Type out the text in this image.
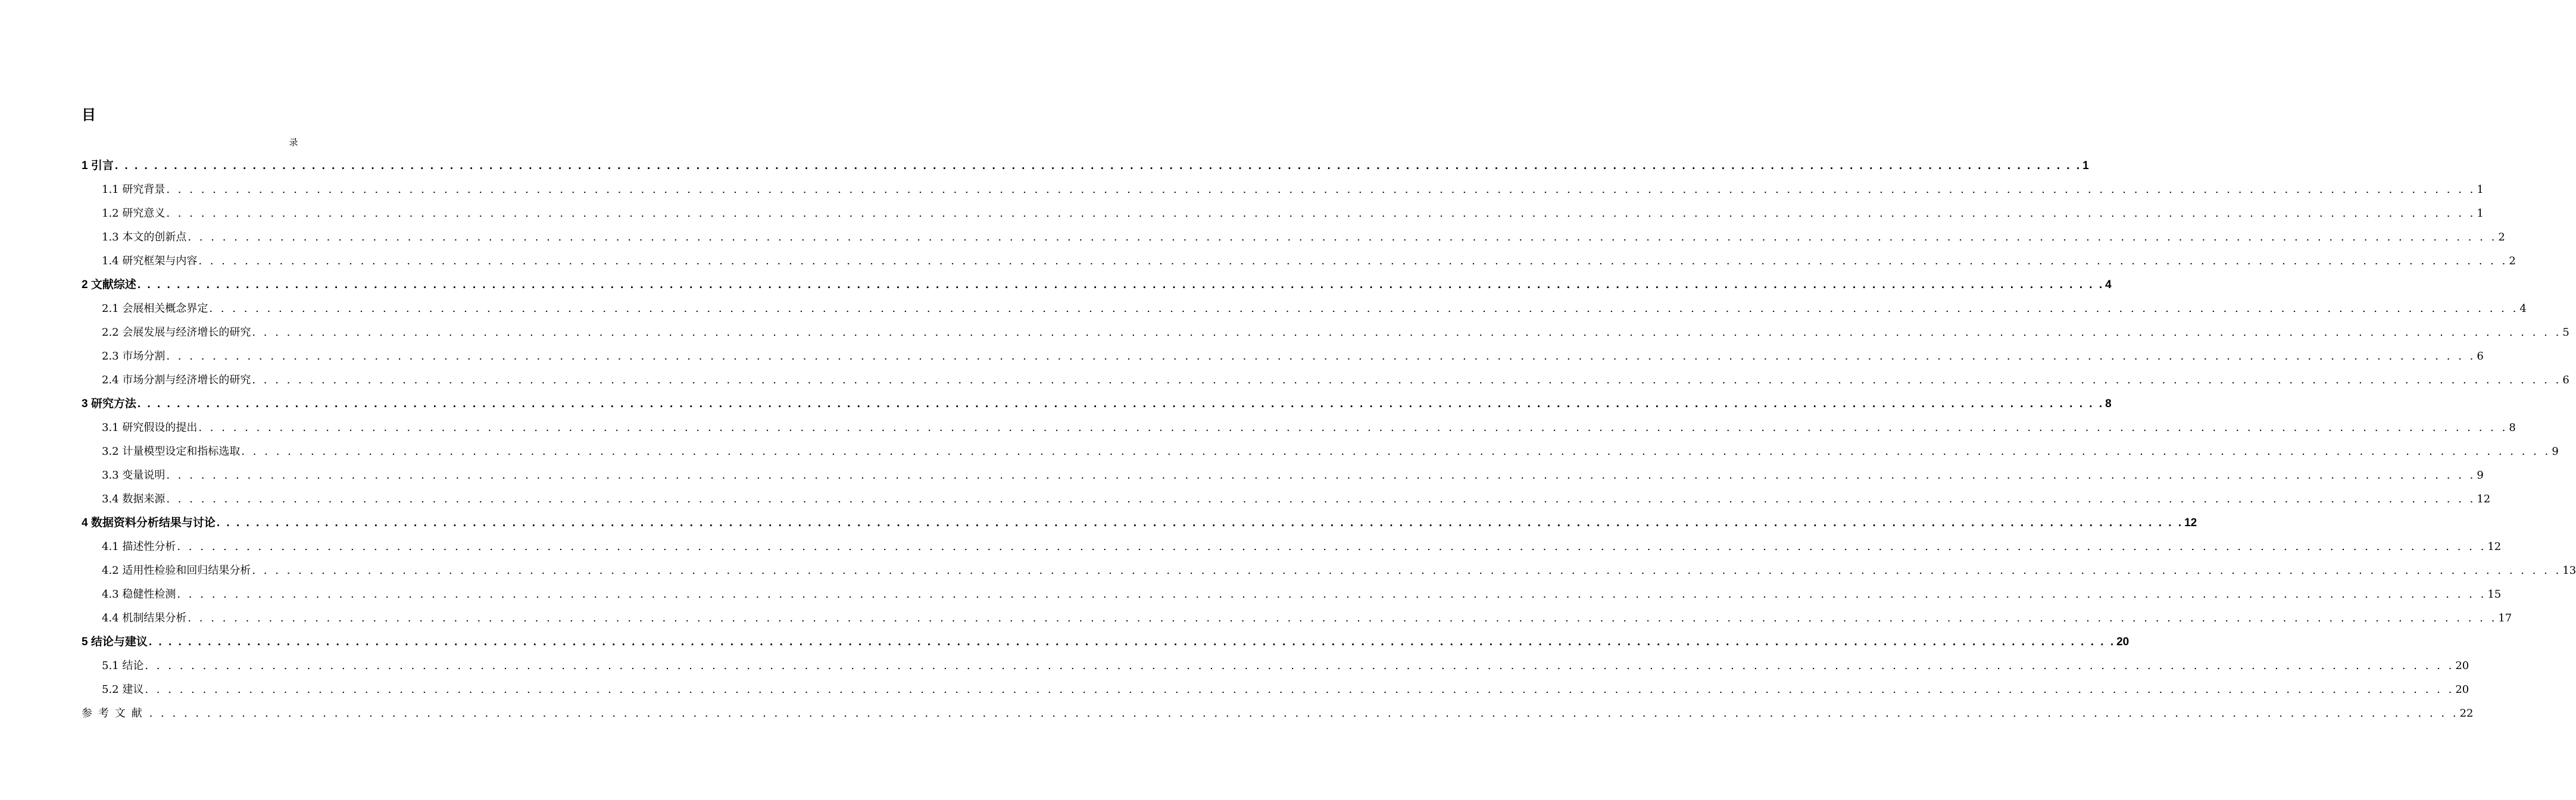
目
录
1 引言 . . . . . . . . . . . . . . . . . . . . . . . . . . . . . . . . . . . . . . . . . . . . . . . . . . . . . . . . . . . . . . . . . . . . . . . . . . . . . . . . . . . . . . . . . . . . . . . . . . . . . . . . . . . . . . . . . . . . . . . . . . . . . . . . . . . . . . . . . . . . . . . . . . . . . . . . . . . . . . . . . . . . . . . . . . . . . . . . . . . . . . . . . . . . . . . . . . . . . . . . 1
1.1 研究背景 . . . . . . . . . . . . . . . . . . . . . . . . . . . . . . . . . . . . . . . . . . . . . . . . . . . . . . . . . . . . . . . . . . . . . . . . . . . . . . . . . . . . . . . . . . . . . . . . . . . . . . . . . . . . . . . . . . . . . . . . . . . . . . . . . . . . . . . . . . . . . . . . . . . . . . . . . . . . . . . . . . . . . . . . . . . . . . . . . . . . . . . . . . . . . . . . . . . . . . . . 1
1.2 研究意义 . . . . . . . . . . . . . . . . . . . . . . . . . . . . . . . . . . . . . . . . . . . . . . . . . . . . . . . . . . . . . . . . . . . . . . . . . . . . . . . . . . . . . . . . . . . . . . . . . . . . . . . . . . . . . . . . . . . . . . . . . . . . . . . . . . . . . . . . . . . . . . . . . . . . . . . . . . . . . . . . . . . . . . . . . . . . . . . . . . . . . . . . . . . . . . . . . . . . . . . . 1
1.3 本文的创新点 . . . . . . . . . . . . . . . . . . . . . . . . . . . . . . . . . . . . . . . . . . . . . . . . . . . . . . . . . . . . . . . . . . . . . . . . . . . . . . . . . . . . . . . . . . . . . . . . . . . . . . . . . . . . . . . . . . . . . . . . . . . . . . . . . . . . . . . . . . . . . . . . . . . . . . . . . . . . . . . . . . . . . . . . . . . . . . . . . . . . . . . . . . . . . . . . . . . . . . . . 2
1.4 研究框架与内容 . . . . . . . . . . . . . . . . . . . . . . . . . . . . . . . . . . . . . . . . . . . . . . . . . . . . . . . . . . . . . . . . . . . . . . . . . . . . . . . . . . . . . . . . . . . . . . . . . . . . . . . . . . . . . . . . . . . . . . . . . . . . . . . . . . . . . . . . . . . . . . . . . . . . . . . . . . . . . . . . . . . . . . . . . . . . . . . . . . . . . . . . . . . . . . . . . . . . . . . . 2
2 文献综述 . . . . . . . . . . . . . . . . . . . . . . . . . . . . . . . . . . . . . . . . . . . . . . . . . . . . . . . . . . . . . . . . . . . . . . . . . . . . . . . . . . . . . . . . . . . . . . . . . . . . . . . . . . . . . . . . . . . . . . . . . . . . . . . . . . . . . . . . . . . . . . . . . . . . . . . . . . . . . . . . . . . . . . . . . . . . . . . . . . . . . . . . . . . . . . . . . . . . . . . . 4
2.1 会展相关概念界定 . . . . . . . . . . . . . . . . . . . . . . . . . . . . . . . . . . . . . . . . . . . . . . . . . . . . . . . . . . . . . . . . . . . . . . . . . . . . . . . . . . . . . . . . . . . . . . . . . . . . . . . . . . . . . . . . . . . . . . . . . . . . . . . . . . . . . . . . . . . . . . . . . . . . . . . . . . . . . . . . . . . . . . . . . . . . . . . . . . . . . . . . . . . . . . . . . . . . . . . . 4
2.2 会展发展与经济增长的研究 . . . . . . . . . . . . . . . . . . . . . . . . . . . . . . . . . . . . . . . . . . . . . . . . . . . . . . . . . . . . . . . . . . . . . . . . . . . . . . . . . . . . . . . . . . . . . . . . . . . . . . . . . . . . . . . . . . . . . . . . . . . . . . . . . . . . . . . . . . . . . . . . . . . . . . . . . . . . . . . . . . . . . . . . . . . . . . . . . . . . . . . . . . . . . . . . . . . . . . . . 5
2.3 市场分割 . . . . . . . . . . . . . . . . . . . . . . . . . . . . . . . . . . . . . . . . . . . . . . . . . . . . . . . . . . . . . . . . . . . . . . . . . . . . . . . . . . . . . . . . . . . . . . . . . . . . . . . . . . . . . . . . . . . . . . . . . . . . . . . . . . . . . . . . . . . . . . . . . . . . . . . . . . . . . . . . . . . . . . . . . . . . . . . . . . . . . . . . . . . . . . . . . . . . . . . . 6
2.4 市场分割与经济增长的研究 . . . . . . . . . . . . . . . . . . . . . . . . . . . . . . . . . . . . . . . . . . . . . . . . . . . . . . . . . . . . . . . . . . . . . . . . . . . . . . . . . . . . . . . . . . . . . . . . . . . . . . . . . . . . . . . . . . . . . . . . . . . . . . . . . . . . . . . . . . . . . . . . . . . . . . . . . . . . . . . . . . . . . . . . . . . . . . . . . . . . . . . . . . . . . . . . . . . . . . . . 6
3 研究方法 . . . . . . . . . . . . . . . . . . . . . . . . . . . . . . . . . . . . . . . . . . . . . . . . . . . . . . . . . . . . . . . . . . . . . . . . . . . . . . . . . . . . . . . . . . . . . . . . . . . . . . . . . . . . . . . . . . . . . . . . . . . . . . . . . . . . . . . . . . . . . . . . . . . . . . . . . . . . . . . . . . . . . . . . . . . . . . . . . . . . . . . . . . . . . . . . . . . . . . . . 8
3.1 研究假设的提出 . . . . . . . . . . . . . . . . . . . . . . . . . . . . . . . . . . . . . . . . . . . . . . . . . . . . . . . . . . . . . . . . . . . . . . . . . . . . . . . . . . . . . . . . . . . . . . . . . . . . . . . . . . . . . . . . . . . . . . . . . . . . . . . . . . . . . . . . . . . . . . . . . . . . . . . . . . . . . . . . . . . . . . . . . . . . . . . . . . . . . . . . . . . . . . . . . . . . . . . . 8
3.2 计量模型设定和指标选取 . . . . . . . . . . . . . . . . . . . . . . . . . . . . . . . . . . . . . . . . . . . . . . . . . . . . . . . . . . . . . . . . . . . . . . . . . . . . . . . . . . . . . . . . . . . . . . . . . . . . . . . . . . . . . . . . . . . . . . . . . . . . . . . . . . . . . . . . . . . . . . . . . . . . . . . . . . . . . . . . . . . . . . . . . . . . . . . . . . . . . . . . . . . . . . . . . . . . . . . . 9
3.3 变量说明 . . . . . . . . . . . . . . . . . . . . . . . . . . . . . . . . . . . . . . . . . . . . . . . . . . . . . . . . . . . . . . . . . . . . . . . . . . . . . . . . . . . . . . . . . . . . . . . . . . . . . . . . . . . . . . . . . . . . . . . . . . . . . . . . . . . . . . . . . . . . . . . . . . . . . . . . . . . . . . . . . . . . . . . . . . . . . . . . . . . . . . . . . . . . . . . . . . . . . . . . 9
3.4 数据来源 . . . . . . . . . . . . . . . . . . . . . . . . . . . . . . . . . . . . . . . . . . . . . . . . . . . . . . . . . . . . . . . . . . . . . . . . . . . . . . . . . . . . . . . . . . . . . . . . . . . . . . . . . . . . . . . . . . . . . . . . . . . . . . . . . . . . . . . . . . . . . . . . . . . . . . . . . . . . . . . . . . . . . . . . . . . . . . . . . . . . . . . . . . . . . . . . . . . . . . . . 12
4 数据资料分析结果与讨论 . . . . . . . . . . . . . . . . . . . . . . . . . . . . . . . . . . . . . . . . . . . . . . . . . . . . . . . . . . . . . . . . . . . . . . . . . . . . . . . . . . . . . . . . . . . . . . . . . . . . . . . . . . . . . . . . . . . . . . . . . . . . . . . . . . . . . . . . . . . . . . . . . . . . . . . . . . . . . . . . . . . . . . . . . . . . . . . . . . . . . . . . . . . . . . . . . . . . . . . . 12
4.1 描述性分析 . . . . . . . . . . . . . . . . . . . . . . . . . . . . . . . . . . . . . . . . . . . . . . . . . . . . . . . . . . . . . . . . . . . . . . . . . . . . . . . . . . . . . . . . . . . . . . . . . . . . . . . . . . . . . . . . . . . . . . . . . . . . . . . . . . . . . . . . . . . . . . . . . . . . . . . . . . . . . . . . . . . . . . . . . . . . . . . . . . . . . . . . . . . . . . . . . . . . . . . . 12
4.2 适用性检验和回归结果分析 . . . . . . . . . . . . . . . . . . . . . . . . . . . . . . . . . . . . . . . . . . . . . . . . . . . . . . . . . . . . . . . . . . . . . . . . . . . . . . . . . . . . . . . . . . . . . . . . . . . . . . . . . . . . . . . . . . . . . . . . . . . . . . . . . . . . . . . . . . . . . . . . . . . . . . . . . . . . . . . . . . . . . . . . . . . . . . . . . . . . . . . . . . . . . . . . . . . . . . . . 13
4.3 稳健性检测 . . . . . . . . . . . . . . . . . . . . . . . . . . . . . . . . . . . . . . . . . . . . . . . . . . . . . . . . . . . . . . . . . . . . . . . . . . . . . . . . . . . . . . . . . . . . . . . . . . . . . . . . . . . . . . . . . . . . . . . . . . . . . . . . . . . . . . . . . . . . . . . . . . . . . . . . . . . . . . . . . . . . . . . . . . . . . . . . . . . . . . . . . . . . . . . . . . . . . . . . 15
4.4 机制结果分析 . . . . . . . . . . . . . . . . . . . . . . . . . . . . . . . . . . . . . . . . . . . . . . . . . . . . . . . . . . . . . . . . . . . . . . . . . . . . . . . . . . . . . . . . . . . . . . . . . . . . . . . . . . . . . . . . . . . . . . . . . . . . . . . . . . . . . . . . . . . . . . . . . . . . . . . . . . . . . . . . . . . . . . . . . . . . . . . . . . . . . . . . . . . . . . . . . . . . . . . . 17
5 结论与建议 . . . . . . . . . . . . . . . . . . . . . . . . . . . . . . . . . . . . . . . . . . . . . . . . . . . . . . . . . . . . . . . . . . . . . . . . . . . . . . . . . . . . . . . . . . . . . . . . . . . . . . . . . . . . . . . . . . . . . . . . . . . . . . . . . . . . . . . . . . . . . . . . . . . . . . . . . . . . . . . . . . . . . . . . . . . . . . . . . . . . . . . . . . . . . . . . . . . . . . . . 20
5.1 结论 . . . . . . . . . . . . . . . . . . . . . . . . . . . . . . . . . . . . . . . . . . . . . . . . . . . . . . . . . . . . . . . . . . . . . . . . . . . . . . . . . . . . . . . . . . . . . . . . . . . . . . . . . . . . . . . . . . . . . . . . . . . . . . . . . . . . . . . . . . . . . . . . . . . . . . . . . . . . . . . . . . . . . . . . . . . . . . . . . . . . . . . . . . . . . . . . . . . . . . . . 20
5.2 建议 . . . . . . . . . . . . . . . . . . . . . . . . . . . . . . . . . . . . . . . . . . . . . . . . . . . . . . . . . . . . . . . . . . . . . . . . . . . . . . . . . . . . . . . . . . . . . . . . . . . . . . . . . . . . . . . . . . . . . . . . . . . . . . . . . . . . . . . . . . . . . . . . . . . . . . . . . . . . . . . . . . . . . . . . . . . . . . . . . . . . . . . . . . . . . . . . . . . . . . . . 20
参考文献 . . . . . . . . . . . . . . . . . . . . . . . . . . . . . . . . . . . . . . . . . . . . . . . . . . . . . . . . . . . . . . . . . . . . . . . . . . . . . . . . . . . . . . . . . . . . . . . . . . . . . . . . . . . . . . . . . . . . . . . . . . . . . . . . . . . . . . . . . . . . . . . . . . . . . . . . . . . . . . . . . . . . . . . . . . . . . . . . . . . . . . . . . . . . . . . . . . . . . . . . 22
